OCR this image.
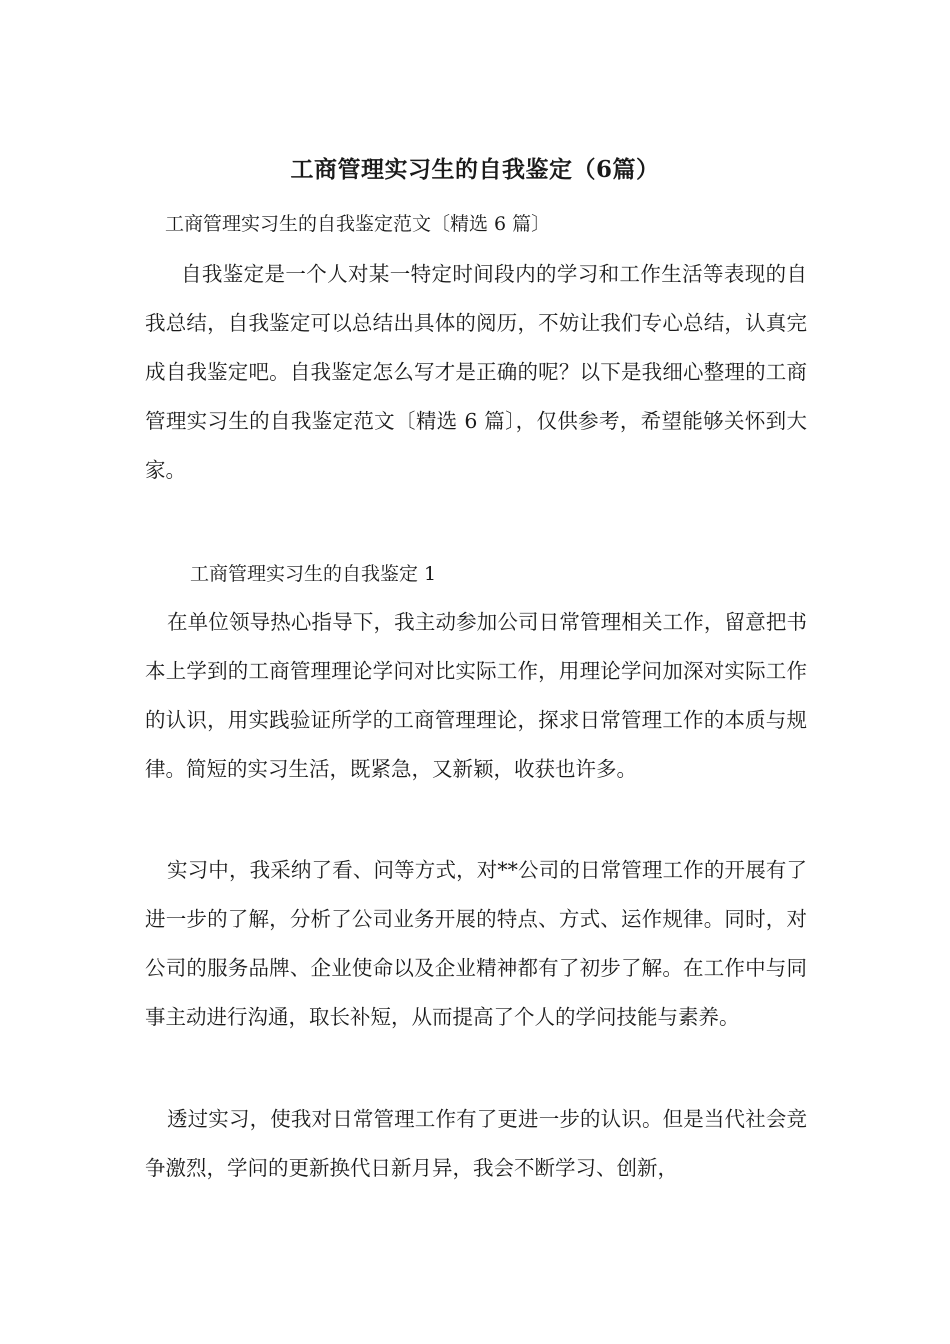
工商管理实习生的自我鉴定（6篇）
工商管理实习生的自我鉴定范文〔精选 6 篇〕
自我鉴定是一个人对某一特定时间段内的学习和工作生活等表现的自我总结，自我鉴定可以总结出具体的阅历，不妨让我们专心总结，认真完成自我鉴定吧。自我鉴定怎么写才是正确的呢？以下是我细心整理的工商管理实习生的自我鉴定范文〔精选 6 篇〕，仅供参考，希望能够关怀到大家。
工商管理实习生的自我鉴定 1
在单位领导热心指导下，我主动参加公司日常管理相关工作，留意把书本上学到的工商管理理论学问对比实际工作，用理论学问加深对实际工作的认识，用实践验证所学的工商管理理论，探求日常管理工作的本质与规律。简短的实习生活，既紧急，又新颖，收获也许多。
实习中，我采纳了看、问等方式，对**公司的日常管理工作的开展有了进一步的了解，分析了公司业务开展的特点、方式、运作规律。同时，对公司的服务品牌、企业使命以及企业精神都有了初步了解。在工作中与同事主动进行沟通，取长补短，从而提高了个人的学问技能与素养。
透过实习，使我对日常管理工作有了更进一步的认识。但是当代社会竞争激烈，学问的更新换代日新月异，我会不断学习、创新，
